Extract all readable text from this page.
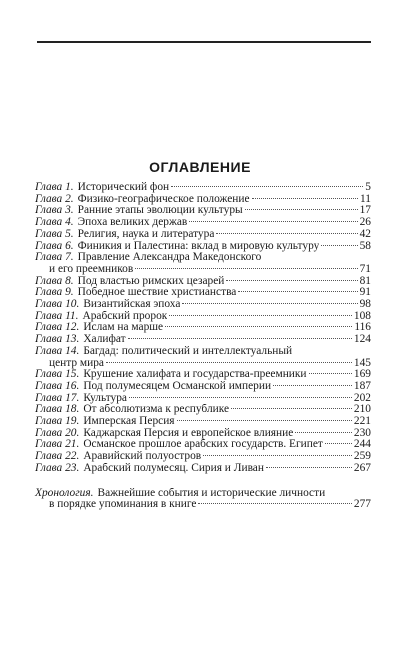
ОГЛАВЛЕНИЕ
Глава 1. Исторический фон	5
Глава 2. Физико-географическое положение	11
Глава 3. Ранние этапы эволюции культуры	17
Глава 4. Эпоха великих держав	26
Глава 5. Религия, наука и литература	42
Глава 6. Финикия и Палестина: вклад в мировую культуру	58
Глава 7. Правление Александра Македонского
и его преемников	71
Глава 8. Под властью римских цезарей	81
Глава 9. Победное шествие христианства	91
Глава 10. Византийская эпоха	98
Глава 11. Арабский пророк	108
Глава 12. Ислам на марше	116
Глава 13. Халифат	124
Глава 14. Багдад: политический и интеллектуальный
центр мира	145
Глава 15. Крушение халифата и государства-преемники	169
Глава 16. Под полумесяцем Османской империи	187
Глава 17. Культура	202
Глава 18. От абсолютизма к республике	210
Глава 19. Имперская Персия	221
Глава 20. Каджарская Персия и европейское влияние	230
Глава 21. Османское прошлое арабских государств. Египет	244
Глава 22. Аравийский полуостров	259
Глава 23. Арабский полумесяц. Сирия и Ливан	267
Хронология. Важнейшие события и исторические личности
в порядке упоминания в книге	277
